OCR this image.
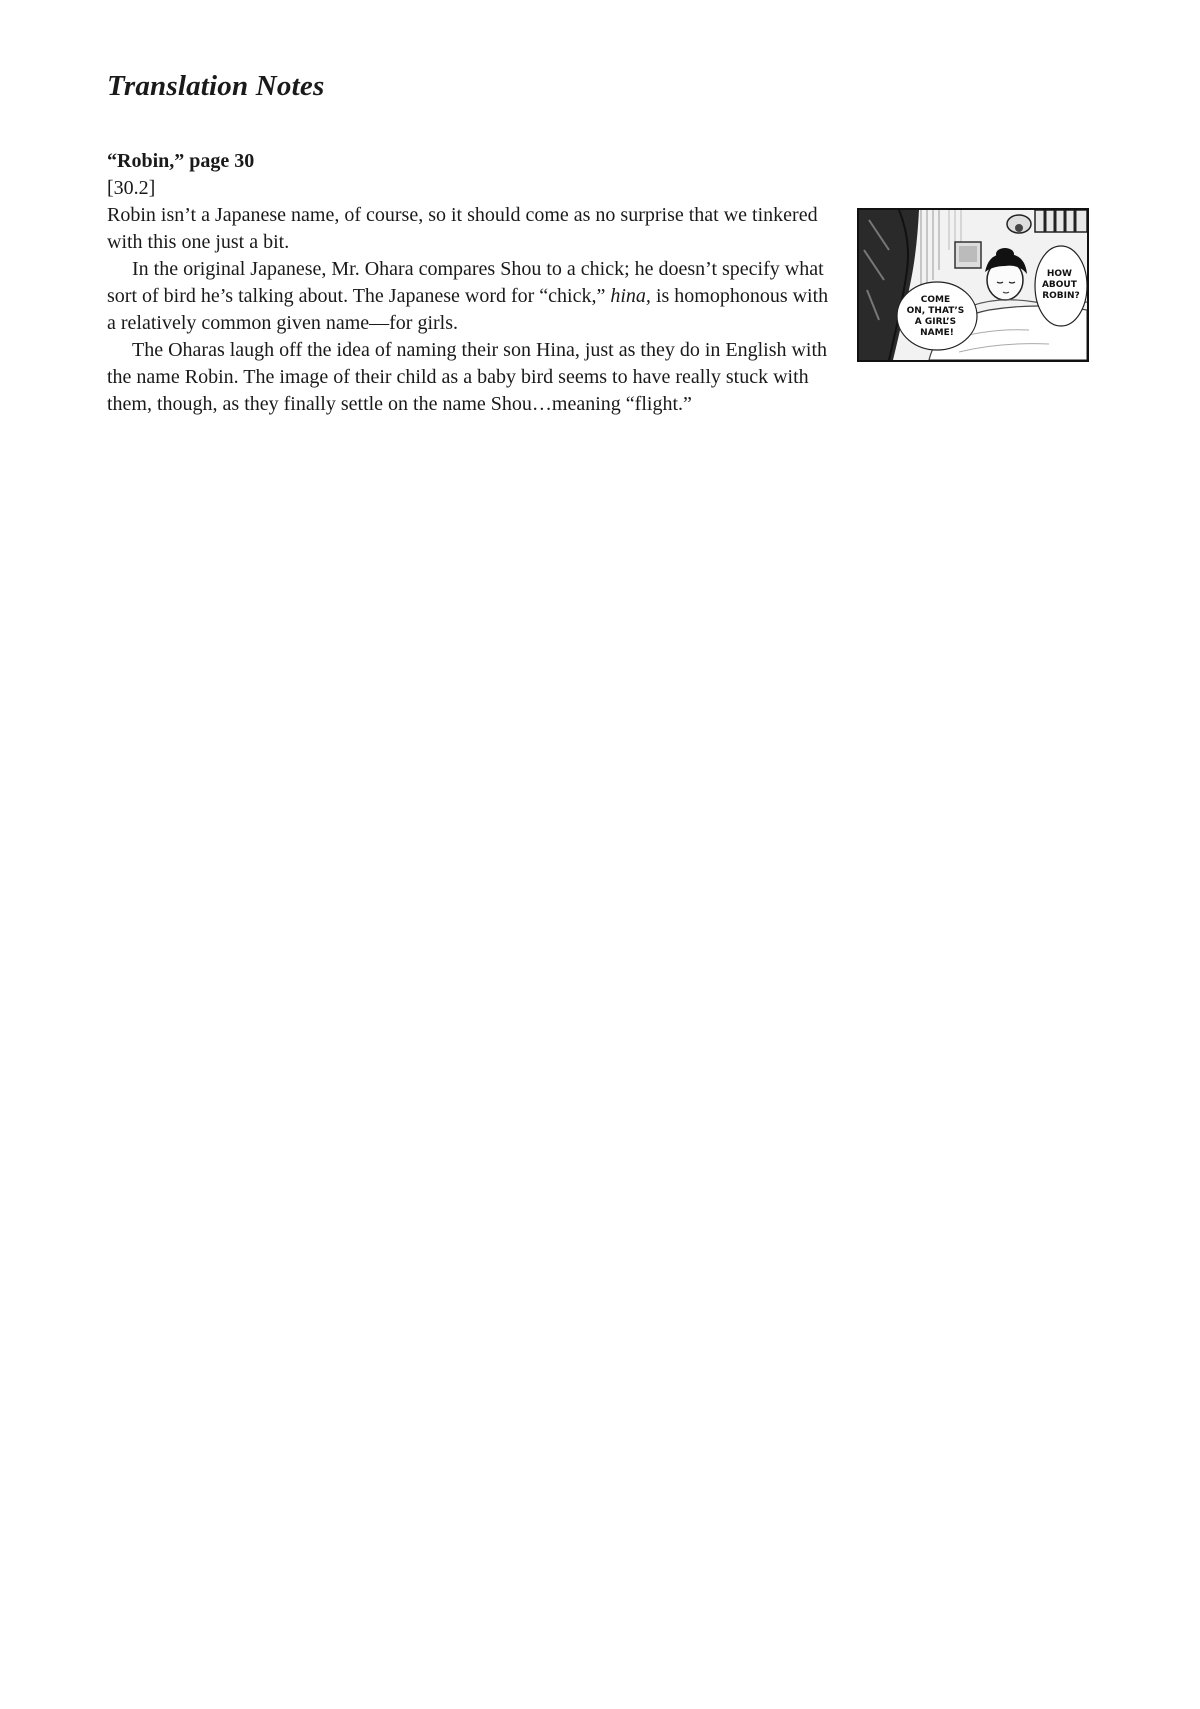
Translation Notes
“Robin,” page 30
[30.2]

Robin isn’t a Japanese name, of course, so it should come as no surprise that we tinkered with this one just a bit.

In the original Japanese, Mr. Ohara compares Shou to a chick; he doesn’t specify what sort of bird he’s talking about. The Japanese word for “chick,” hina, is homophonous with a relatively common given name—for girls.

The Oharas laugh off the idea of naming their son Hina, just as they do in English with the name Robin. The image of their child as a baby bird seems to have really stuck with them, though, as they finally settle on the name Shou…meaning “flight.”

COME ON, THAT’S A GIRL’S NAME!
HOW ABOUT ROBIN?
